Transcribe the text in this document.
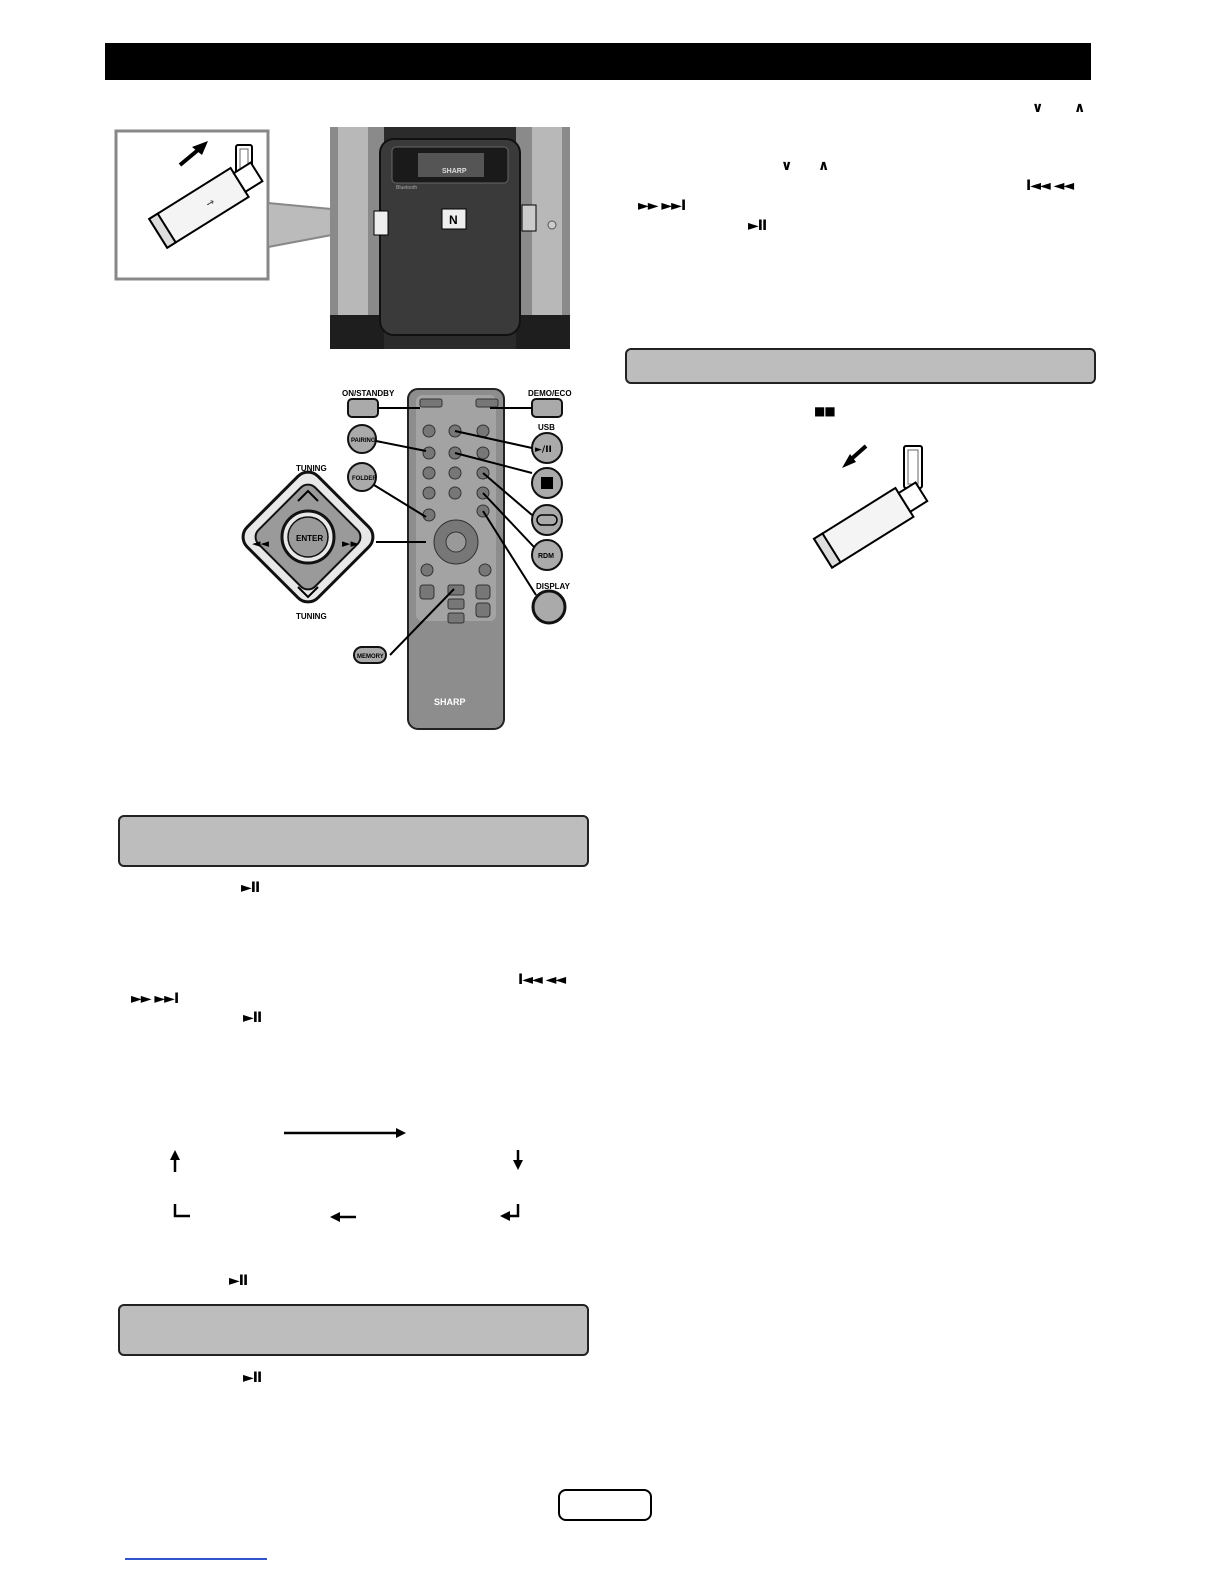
⇝
SHARP
Bluetooth
N
SHARP
ENTER
◄◄	►►
TUNING
TUNING
ON/STANDBY	DEMO/ECO
PAIRING
FOLDER
USB
►/II
RDM
DISPLAY
MEMORY
∨ ∧
∨ ∧
I◄◄ ◄◄
►► ►►I
►II
■■
►II
I◄◄ ◄◄
►► ►►I
►II
►II
►II
